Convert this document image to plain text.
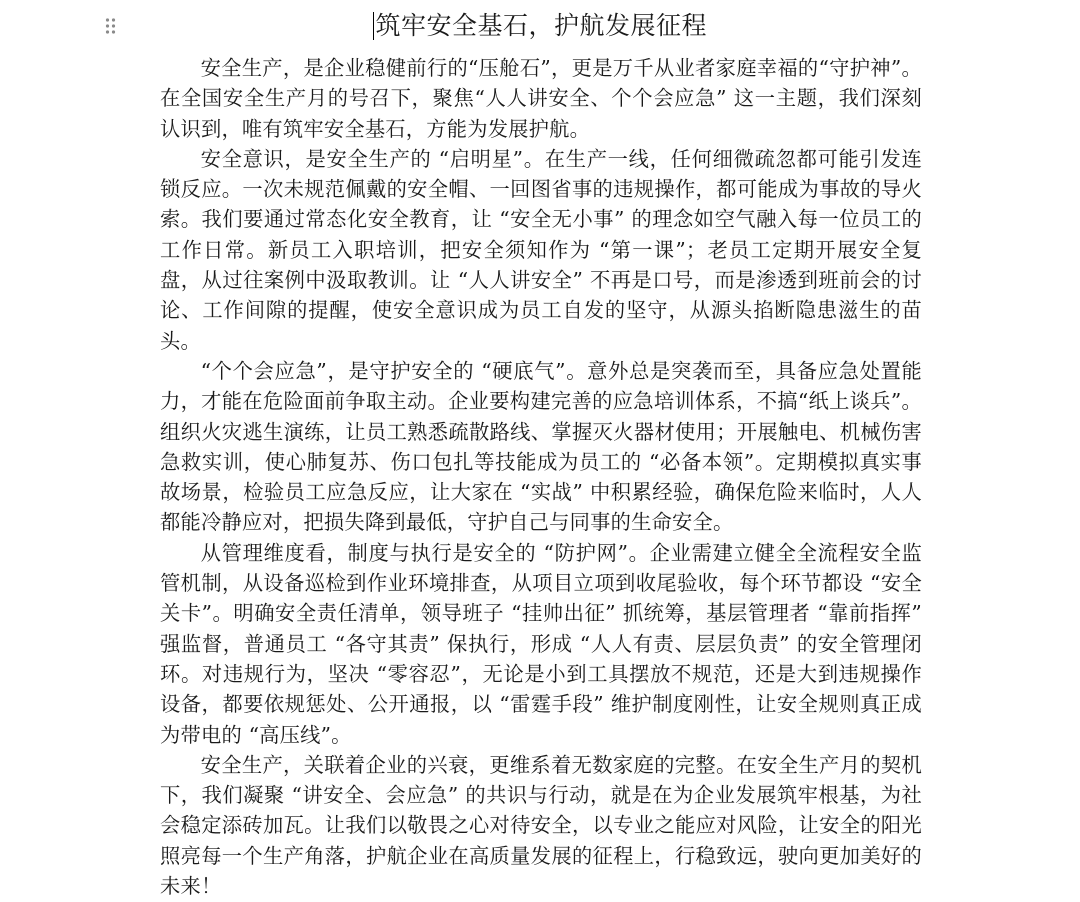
筑牢安全基石，护航发展征程

安全生产，是企业稳健前行的“压舱石”，更是万千从业者家庭幸福的“守护神”。在全国安全生产月的号召下，聚焦“人人讲安全、个个会应急” 这一主题，我们深刻认识到，唯有筑牢安全基石，方能为发展护航。

安全意识，是安全生产的 “启明星”。在生产一线，任何细微疏忽都可能引发连锁反应。一次未规范佩戴的安全帽、一回图省事的违规操作，都可能成为事故的导火索。我们要通过常态化安全教育，让 “安全无小事” 的理念如空气融入每一位员工的工作日常。新员工入职培训，把安全须知作为 “第一课”；老员工定期开展安全复盘，从过往案例中汲取教训。让 “人人讲安全” 不再是口号，而是渗透到班前会的讨论、工作间隙的提醒，使安全意识成为员工自发的坚守，从源头掐断隐患滋生的苗头。

“个个会应急”，是守护安全的 “硬底气”。意外总是突袭而至，具备应急处置能力，才能在危险面前争取主动。企业要构建完善的应急培训体系，不搞“纸上谈兵”。组织火灾逃生演练，让员工熟悉疏散路线、掌握灭火器材使用；开展触电、机械伤害急救实训，使心肺复苏、伤口包扎等技能成为员工的 “必备本领”。定期模拟真实事故场景，检验员工应急反应，让大家在 “实战” 中积累经验，确保危险来临时，人人都能冷静应对，把损失降到最低，守护自己与同事的生命安全。

从管理维度看，制度与执行是安全的 “防护网”。企业需建立健全全流程安全监管机制，从设备巡检到作业环境排查，从项目立项到收尾验收，每个环节都设 “安全关卡”。明确安全责任清单，领导班子 “挂帅出征” 抓统筹，基层管理者 “靠前指挥” 强监督，普通员工 “各守其责” 保执行，形成 “人人有责、层层负责” 的安全管理闭环。对违规行为，坚决 “零容忍”，无论是小到工具摆放不规范，还是大到违规操作设备，都要依规惩处、公开通报，以 “雷霆手段” 维护制度刚性，让安全规则真正成为带电的 “高压线”。

安全生产，关联着企业的兴衰，更维系着无数家庭的完整。在安全生产月的契机下，我们凝聚 “讲安全、会应急” 的共识与行动，就是在为企业发展筑牢根基，为社会稳定添砖加瓦。让我们以敬畏之心对待安全，以专业之能应对风险，让安全的阳光照亮每一个生产角落，护航企业在高质量发展的征程上，行稳致远，驶向更加美好的未来！
